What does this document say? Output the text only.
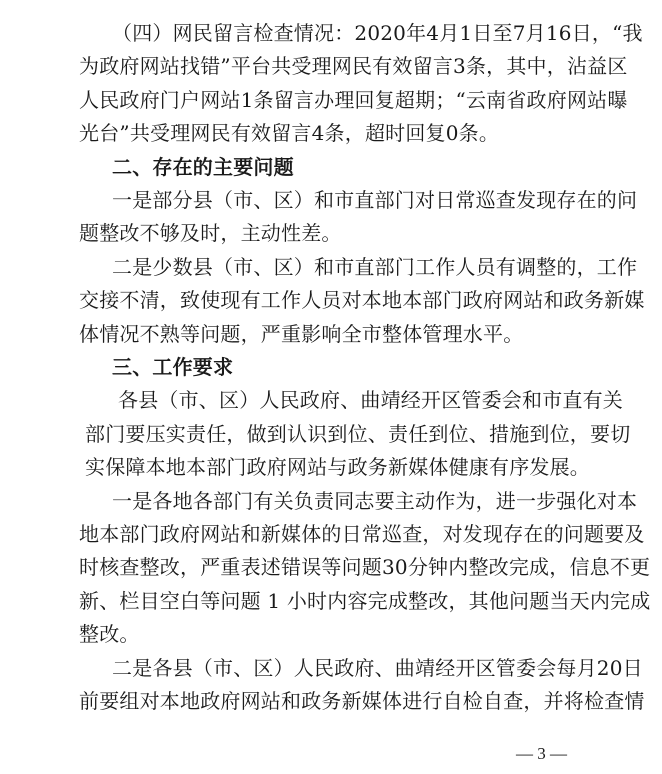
（四）网民留言检查情况：2020年4月1日至7月16日，“我
为政府网站找错”平台共受理网民有效留言3条，其中，沾益区
人民政府门户网站1条留言办理回复超期；“云南省政府网站曝
光台”共受理网民有效留言4条，超时回复0条。
二、存在的主要问题
一是部分县（市、区）和市直部门对日常巡查发现存在的问
题整改不够及时，主动性差。
二是少数县（市、区）和市直部门工作人员有调整的，工作
交接不清，致使现有工作人员对本地本部门政府网站和政务新媒
体情况不熟等问题，严重影响全市整体管理水平。
三、工作要求
各县（市、区）人民政府、曲靖经开区管委会和市直有关
部门要压实责任，做到认识到位、责任到位、措施到位，要切
实保障本地本部门政府网站与政务新媒体健康有序发展。
一是各地各部门有关负责同志要主动作为，进一步强化对本
地本部门政府网站和新媒体的日常巡查，对发现存在的问题要及
时核查整改，严重表述错误等问题30分钟内整改完成，信息不更
新、栏目空白等问题 1 小时内容完成整改，其他问题当天内完成
整改。
— 3 —
二是各县（市、区）人民政府、曲靖经开区管委会每月20日
前要组对本地政府网站和政务新媒体进行自检自查，并将检查情
